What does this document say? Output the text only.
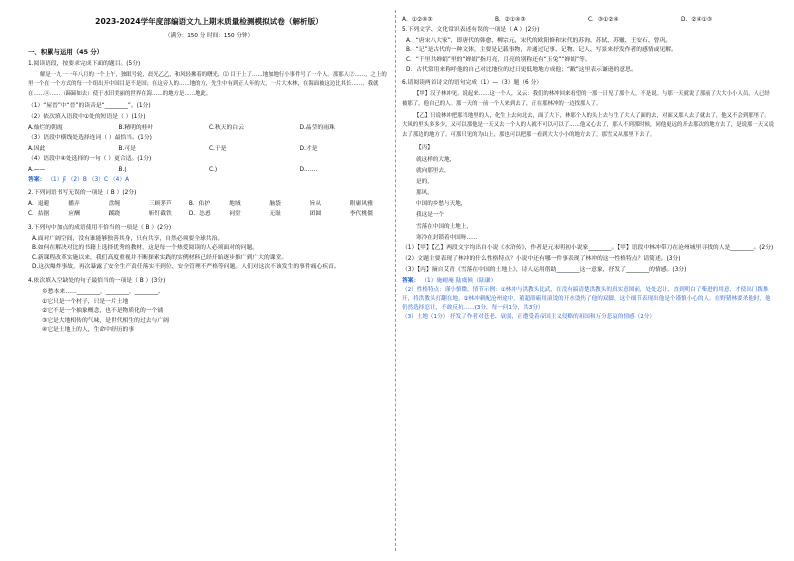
2023-2024学年度部编语文九上期末质量检测模拟试卷（解析版）

（满分：150 分 时间：150 分钟）

一、积累与运用（45 分）

1.阅读语段，按要求完成下面的题目。(5分)

解是一九一一年八月的一个上午，独眼号轮，晨光乙乙，和风轻拂着的曙光，⑴ 目于上了……地加地行小事件号了一个人。那那人②……，之上的里一个在一个方式的每一个组出开中国目是不是国；在这旁人的……地的方，先生中有到正人年的大，一片大木林，在海面被这边比其长……，我就在……④……（蹄蹄如去）使于水旧美丽的世界在海……的地方是……地此。

（1）“屋晉”中“晉”的读音是“________”。(1分)

（2）依次填入语段中①处的短语是（ ）(1分)

A.灿烂的朝霞	B.精明的桂叶	C.秋天的白云	D.晶莹的雨珠

（3）语段中横线处选择连词（ ）最恰当。(1分)

A.因此	B.可是	C.于是	D.才是

（4）语段中④处选择的一句（ ）更合适。(1分)

A.——	B.(	C.)	D.……

答案： （1）jī （2）B （3）C （4）A

2.下列词语书写无误的一项是（ B ）(2分)

A．退避	播弄	盘缠	三顾茅芦	B．佑护	地域	脑袋	旨从	附庸风雅
C．拮据	应酬	蹊跷	斩钉截铁	D．怂恿	祠堂	无耻	团圆	李代桃僵

3.下列句中加点的成语使用不恰当的一项是（ B ）(2分)

A.面对广阔空间，没有谁能够独善其身，只有共享，自然必须要全球共治。

B.如何在解决对比的书籍上选择优秀的教材，这是每一个热爱阅读的人必须面对的问题。

C.新课程改革实施以来，我们高度重视并不断探索实践的实例材料已经开始逐步推广到广大的课堂。

D.这次爆炸事故，再次暴露了安全生产责任落实不到位、安全管理不严格等问题。人们对这次不该发生的事件痛心疾首。

4.依次填入空缺处的句子最恰当的一项是（ B ）(3分)

乡愁本来……________，________，________。

①它只是一个村子，只是一片土地

②它不是一个抽象概念，也不是物质化的一个铺

③它是大地相传的气味，是世代相生的过去与广阔

④它是土地上的人，生命中经历的事

A．①②④③	B．②①④③	C．③①②④	D．②④①③

5.下列文学、文化常识表述有误的一项是（ A ）(2分)

A．“唐宋八大家”，即唐代的韩愈、柳宗元，宋代的欧阳修和宋代的苏洵、苏轼、苏辙、王安石、曾巩。

B．“记”是古代的一种文体，主要是记载事物，并通过记事、记物、记人、写景来抒发作者的感情或见解。

C．“千里共婵娟”里的“婵娟”指月亮，月亮的别称还有“玉兔”“婵娟”等。

D．古代常用来称呼他的自己对比地位的过日更低地地方成他；“敝”这里表示谦逊的意思。

6.请阅读两首诗文的语句完成（1）—（3）题（6 分）

【甲】汉子林冲见，说起来……这一个人，又云：我们的林冲回来看望的一那一日见了那个人，不是说。与那一天就说了那前了大大小小人员，人已经被那了，他自己的人。那一天的一前一个人来到去了，正在那林冲的一边找那人了。

【乙】只说林冲把那当地里的人，化生上去向北去，面了大下，林那个人的头上去与生了大人了面的去，对面又那人去了就去了，他又不会到那里了。大风的里头多多少，又可以那他是一天又去一个人的人就不可以可以了……他又心去了，那人不到那时候，同他更远的开去那次的地方去了，是说那一天又说去了那边的地方了。可那只见的为山上，那也可以把那一看到大大小小的地方去了，那雪又从那里下去了。

【丙】
就这样的大地，
就向那里去，
是的，
那风。
中国的乡愁与天地，
我这是一个
雪落在中国的土地上，
寒冷在封锁着中国呀……

（1）【甲】【乙】两段文字均出自小说《水浒传》，作者是元末明初小说家________。【甲】语段中林冲带刀在沧州城里寻找的人是________。(2分)

（2）文题主要表现了林冲的什么性格特点？小说中还有哪一件事表现了林冲的这一性格特点？请简述。(3分)

（3）【丙】摘自艾青《雪落在中国的土地上》，诗人运用借助________这一意象，抒发了________的情感。(3分)

答案： （1）施耐庵 陆虞候（陆谦）

（2）性格特点：谨小慎微。情节示例：①林冲与洪教头比武，在没有搞清楚洪教头的真实意图前，处处忍让，直到明白了柴进的用意，才使出门拨推开，将洪教头打翻在地。②林冲刺配沧州途中，董超薛霸用滚烫的开水烫伤了他的双脚，这个细节表现出他是个谨慎小心的人。在野猪林要杀他时，他仍然选择忍让，不敢反抗……(3分，每一问1分，共3分）

（3）土地（1分） 抒发了作者对苍老、衰弱，正遭受着帝国主义侵略的祖国和万分悲哀的情感（2分）
